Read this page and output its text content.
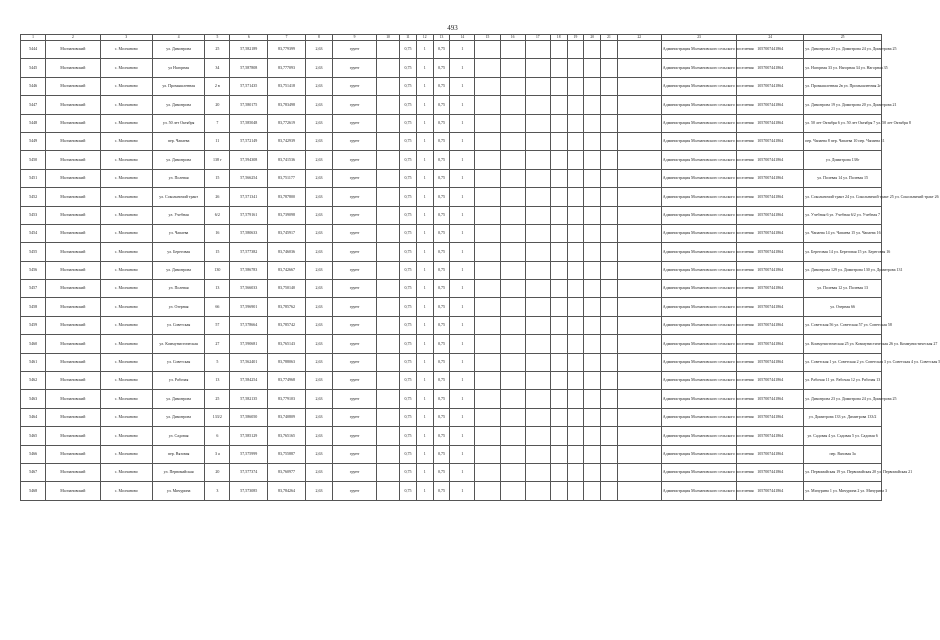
493
1	2	3	4	5	6	7	8	9	10	11	12	13	14	15	16	17	18	19	20	21	22	23	24	25
5444	Молчановский	с. Молчаново	ул. Димитрова	25	57,582189	83,779399	2,63	грунт		0,75	1	0,75	1									Администрация Молчановского сельского поселения	1057007441864	ул. Димитрова 23 ул. Димитрова 24 ул. Димитрова 25
5445	Молчановский	с. Молчаново	ул Нагорная	34	57,587808	83,777093	2,63	грунт		0,75	1	0,75	1									Администрация Молчановского сельского поселения	1057007441864	ул. Нагорная 33 ул. Нагорная 34 ул. Нагорная 35
5446	Молчановский	с. Молчаново	ул. Промышленная	2 в	57,571435	83,751418	2,63	грунт		0,75	1	0,75	1									Администрация Молчановского сельского поселения	1057007441864	ул. Промышленная 2в ул. Промышленная 2г
5447	Молчановский	с. Молчаново	ул. Димитрова	20	57,580175	83,783498	2,63	грунт		0,75	1	0,75	1									Администрация Молчановского сельского поселения	1057007441864	ул. Димитрова 19 ул. Димитрова 20 ул. Димитрова 21
5448	Молчановский	с. Молчаново	ул. 50 лет Октября	7	57,585048	83,772619	2,63	грунт		0,75	1	0,75	1									Администрация Молчановского сельского поселения	1057007441864	ул. 50 лет Октября 6 ул. 50 лет Октября 7 ул. 50 лет Октября 8
5449	Молчановский	с. Молчаново	пер. Чапаева	11	57,572149	83,742939	2,63	грунт		0,75	1	0,75	1									Администрация Молчановского сельского поселения	1057007441864	пер. Чапаева 8 пер. Чапаева 10 пер. Чапаева 11
5450	Молчановский	с. Молчаново	ул. Димитрова	138 г	57,594308	83,741536	2,63	грунт		0,75	1	0,75	1									Администрация Молчановского сельского поселения	1057007441864	ул. Димитрова 138г
5451	Молчановский	с. Молчаново	ул. Полевая	15	57,566254	83,751177	2,63	грунт		0,75	1	0,75	1									Администрация Молчановского сельского поселения	1057007441864	ул. Полевая 14 ул. Полевая 15
5452	Молчановский	с. Молчаново	ул. Сокольничий тракт	26	57,571341	83,787800	2,63	грунт		0,75	1	0,75	1									Администрация Молчановского сельского поселения	1057007441864	ул. Сокольничий тракт 24 ул. Сокольничий тракт 25 ул. Сокольничий тракт 26
5453	Молчановский	с. Молчаново	ул. Учебная	6/2	57,579161	83,739098	2,63	грунт		0,75	1	0,75	1									Администрация Молчановского сельского поселения	1057007441864	ул. Учебная 6 ул. Учебная 6/2 ул. Учебная 7
5454	Молчановский	с. Молчаново	ул. Чапаева	16	57,580633	83,745917	2,63	грунт		0,75	1	0,75	1									Администрация Молчановского сельского поселения	1057007441864	ул. Чапаева 14 ул. Чапаева 15 ул. Чапаева 16
5455	Молчановский	с. Молчаново	ул. Береговая	15	57,577382	83,746036	2,63	грунт		0,75	1	0,75	1									Администрация Молчановского сельского поселения	1057007441864	ул. Береговая 14 ул. Береговая 15 ул. Береговая 16
5456	Молчановский	с. Молчаново	ул. Димитрова	130	57,586783	83,742667	2,63	грунт		0,75	1	0,75	1									Администрация Молчановского сельского поселения	1057007441864	ул. Димитрова 129 ул. Димитрова 130 ул. Димитрова 131
5457	Молчановский	с. Молчаново	ул. Полевая	13	57,566033	83,750140	2,63	грунт		0,75	1	0,75	1									Администрация Молчановского сельского поселения	1057007441864	ул. Полевая 12 ул. Полевая 13
5458	Молчановский	с. Молчаново	ул. Озерная	66	57,596901	83,785762	2,63	грунт		0,75	1	0,75	1									Администрация Молчановского сельского поселения	1057007441864	ул. Озерная 66
5459	Молчановский	с. Молчаново	ул. Советская	57	57,578664	83,785742	2,63	грунт		0,75	1	0,75	1									Администрация Молчановского сельского поселения	1057007441864	ул. Советская 56 ул. Советская 57 ул. Советская 58
5460	Молчановский	с. Молчаново	ул. Коммунистическая	27	57,590681	83,765143	2,63	грунт		0,75	1	0,75	1									Администрация Молчановского сельского поселения	1057007441864	ул. Коммунистическая 25 ул. Коммунистическая 26 ул. Коммунистическая 27
5461	Молчановский	с. Молчаново	ул. Советская	5	57,562401	83,788063	2,63	грунт		0,75	1	0,75	1									Администрация Молчановского сельского поселения	1057007441864	ул. Советская 1 ул. Советская 2 ул. Советская 3 ул. Советская 4 ул. Советская 5
5462	Молчановский	с. Молчаново	ул. Рабочая	13	57,584254	83,774968	2,63	грунт		0,75	1	0,75	1									Администрация Молчановского сельского поселения	1057007441864	ул. Рабочая 11 ул. Рабочая 12 ул. Рабочая 13
5463	Молчановский	с. Молчаново	ул. Димитрова	25	57,582135	83,779103	2,63	грунт		0,75	1	0,75	1									Администрация Молчановского сельского поселения	1057007441864	ул. Димитрова 23 ул. Димитрова 24 ул. Димитрова 25
5464	Молчановский	с. Молчаново	ул. Димитрова	133/2	57,586050	83,740809	2,63	грунт		0,75	1	0,75	1									Администрация Молчановского сельского поселения	1057007441864	ул. Димитрова 133 ул. Димитрова 133/2
5465	Молчановский	с. Молчаново	ул. Садовая	6	57,585129	83,765165	2,63	грунт		0,75	1	0,75	1									Администрация Молчановского сельского поселения	1057007441864	ул. Садовая 4 ул. Садовая 5 ул. Садовая 6
5466	Молчановский	с. Молчаново	пер. Вязовая	3 а	57,575999	83,755887	2,63	грунт		0,75	1	0,75	1									Администрация Молчановского сельского поселения	1057007441864	пер. Вязовая 3а
5467	Молчановский	с. Молчаново	ул. Первомайская	20	57,577374	83,760977	2,63	грунт		0,75	1	0,75	1									Администрация Молчановского сельского поселения	1057007441864	ул. Первомайская 19 ул. Первомайская 20 ул. Первомайская 21
5468	Молчановский	с. Молчаново	ул. Мичурина	3	57,573085	83,784264	2,63	грунт		0,75	1	0,75	1									Администрация Молчановского сельского поселения	1057007441864	ул. Мичурина 1 ул. Мичурина 2 ул. Мичурина 3
